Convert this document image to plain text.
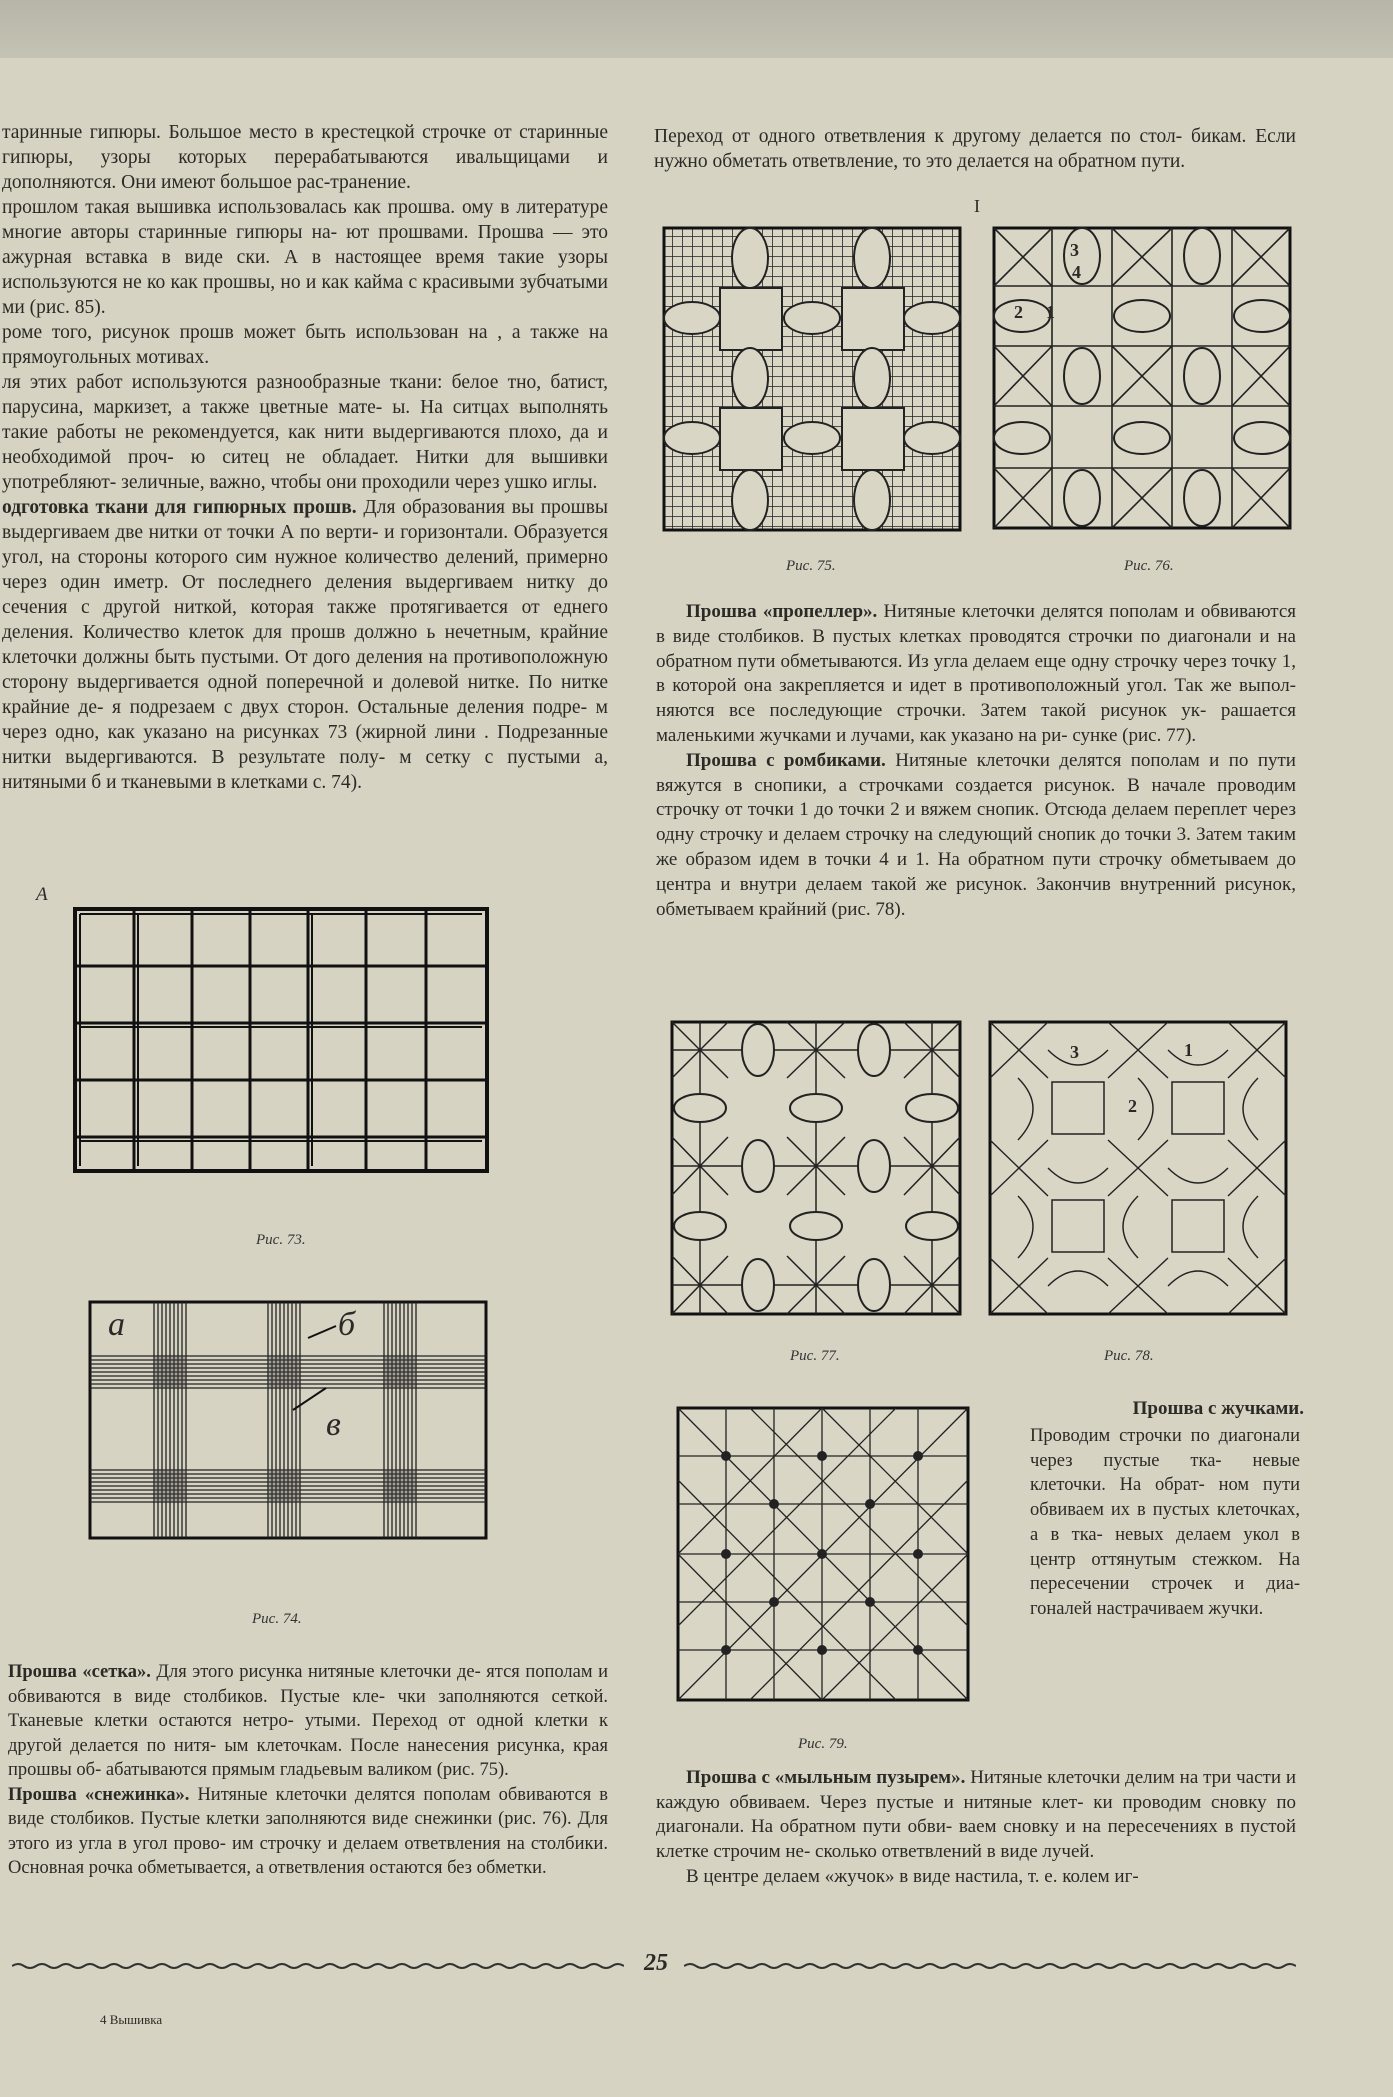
таринные гипюры. Большое место в крестецкой строчке от старинные гипюры, узоры которых перерабатываются ивальщицами и дополняются. Они имеют большое рас-транение.

прошлом такая вышивка использовалась как прошва. ому в литературе многие авторы старинные гипюры на- ют прошвами. Прошва — это ажурная вставка в виде ски. А в настоящее время такие узоры используются не ко как прошвы, но и как кайма с красивыми зубчатыми ми (рис. 85).

роме того, рисунок прошв может быть использован на , а также на прямоугольных мотивах.

ля этих работ используются разнообразные ткани: белое тно, батист, парусина, маркизет, а также цветные мате- ы. На ситцах выполнять такие работы не рекомендуется, как нити выдергиваются плохо, да и необходимой проч- ю ситец не обладает. Нитки для вышивки употребляют- зеличные, важно, чтобы они проходили через ушко иглы.

одготовка ткани для гипюрных прошв. Для образования вы прошвы выдергиваем две нитки от точки А по верти- и горизонтали. Образуется угол, на стороны которого сим нужное количество делений, примерно через один иметр. От последнего деления выдергиваем нитку до сечения с другой ниткой, которая также протягивается от еднего деления. Количество клеток для прошв должно ь нечетным, крайние клеточки должны быть пустыми. От дого деления на противоположную сторону выдергивается одной поперечной и долевой нитке. По нитке крайние де- я подрезаем с двух сторон. Остальные деления подре- м через одно, как указано на рисунках 73 (жирной лини . Подрезанные нитки выдергиваются. В результате полу- м сетку с пустыми а, нитяными б и тканевыми в клетками с. 74).

А
Рис. 73.
а	б
в
Рис. 74.

Прошва «сетка». Для этого рисунка нитяные клеточки де- ятся пополам и обвиваются в виде столбиков. Пустые кле- чки заполняются сеткой. Тканевые клетки остаются нетро- утыми. Переход от одной клетки к другой делается по нитя- ым клеточкам. После нанесения рисунка, края прошвы об- абатываются прямым гладьевым валиком (рис. 75).

Прошва «снежинка». Нитяные клеточки делятся пополам обвиваются в виде столбиков. Пустые клетки заполняются виде снежинки (рис. 76). Для этого из угла в угол прово- им строчку и делаем ответвления на столбики. Основная рочка обметывается, а ответвления остаются без обметки.

Переход от одного ответвления к другому делается по стол- бикам. Если нужно обметать ответвление, то это делается на обратном пути.
I
Рис. 75.
3
4
2 1
Рис. 76.

Прошва «пропеллер». Нитяные клеточки делятся пополам и обвиваются в виде столбиков. В пустых клетках проводятся строчки по диагонали и на обратном пути обметываются. Из угла делаем еще одну строчку через точку 1, в которой она закрепляется и идет в противоположный угол. Так же выпол- няются все последующие строчки. Затем такой рисунок ук- рашается маленькими жучками и лучами, как указано на ри- сунке (рис. 77).

Прошва с ромбиками. Нитяные клеточки делятся пополам и по пути вяжутся в снопики, а строчками создается рисунок. В начале проводим строчку от точки 1 до точки 2 и вяжем снопик. Отсюда делаем переплет через одну строчку и делаем строчку на следующий снопик до точки 3. Затем таким же образом идем в точки 4 и 1. На обратном пути строчку обметываем до центра и внутри делаем такой же рисунок. Закончив внутренний рисунок, обметываем крайний (рис. 78).

Рис. 77.
3	1
2
Рис. 78.
Рис. 79.
Прошва с жучками.
Проводим строчки по диагонали через пустые тка- невые клеточки. На обрат- ном пути обвиваем их в пустых клеточках, а в тка- невых делаем укол в центр оттянутым стежком. На пересечении строчек и диа- гоналей настрачиваем жучки.

Прошва с «мыльным пузырем». Нитяные клеточки делим на три части и каждую обвиваем. Через пустые и нитяные клет- ки проводим сновку по диагонали. На обратном пути обви- ваем сновку и на пересечениях в пустой клетке строчим не- сколько ответвлений в виде лучей.

В центре делаем «жучок» в виде настила, т. е. колем иг-

25
4 Вышивка
